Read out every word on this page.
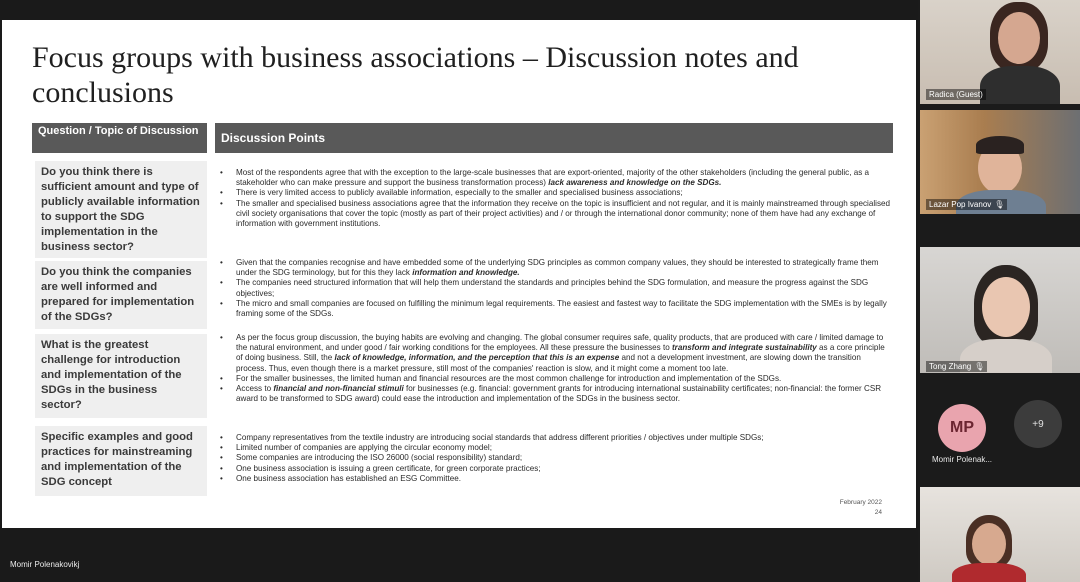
Focus groups with business associations – Discussion notes and conclusions
Question / Topic of Discussion	Discussion Points
Do you think there is sufficient amount and type of publicly available information to support the SDG implementation in the business sector?
• Most of the respondents agree that with the exception to the large-scale businesses that are export-oriented, majority of the other stakeholders (including the general public, as a stakeholder who can make pressure and support the business transformation process) lack awareness and knowledge on the SDGs.
• There is very limited access to publicly available information, especially to the smaller and specialised business associations;
• The smaller and specialised business associations agree that the information they receive on the topic is insufficient and not regular, and it is mainly mainstreamed through specialised civil society organisations that cover the topic (mostly as part of their project activities) and / or through the international donor community; none of them have had any exchange of information with government institutions.
Do you think the companies are well informed and prepared for implementation of the SDGs?
• Given that the companies recognise and have embedded some of the underlying SDG principles as common company values, they should be interested to strategically frame them under the SDG terminology, but for this they lack information and knowledge.
• The companies need structured information that will help them understand the standards and principles behind the SDG formulation, and measure the progress against the SDG objectives;
• The micro and small companies are focused on fulfilling the minimum legal requirements. The easiest and fastest way to facilitate the SDG implementation with the SMEs is by legally framing some of the SDGs.
What is the greatest challenge for introduction and implementation of the SDGs in the business sector?
• As per the focus group discussion, the buying habits are evolving and changing. The global consumer requires safe, quality products, that are produced with care / limited damage to the natural environment, and under good / fair working conditions for the employees. All these pressure the businesses to transform and integrate sustainability as a core principle of doing business. Still, the lack of knowledge, information, and the perception that this is an expense and not a development investment, are slowing down the transition process. Thus, even though there is a market pressure, still most of the companies' reaction is slow, and it might come a moment too late.
• For the smaller businesses, the limited human and financial resources are the most common challenge for introduction and implementation of the SDGs.
• Access to financial and non-financial stimuli for businesses (e.g. financial: government grants for introducing international sustainability certificates; non-financial: the former CSR award to be transformed to SDG award) could ease the introduction and implementation of the SDGs in the business sector.
Specific examples and good practices for mainstreaming and implementation of the SDG concept
• Company representatives from the textile industry are introducing social standards that address different priorities / objectives under multiple SDGs;
• Limited number of companies are applying the circular economy model;
• Some companies are introducing the ISO 26000 (social responsibility) standard;
• One business association is issuing a green certificate, for green corporate practices;
• One business association has established an ESG Committee.
February 2022
24
Momir Polenakovikj
Radica (Guest)
Lazar Pop Ivanov 🎙
Tong Zhang 🎙
MP	+9
Momir Polenak...
